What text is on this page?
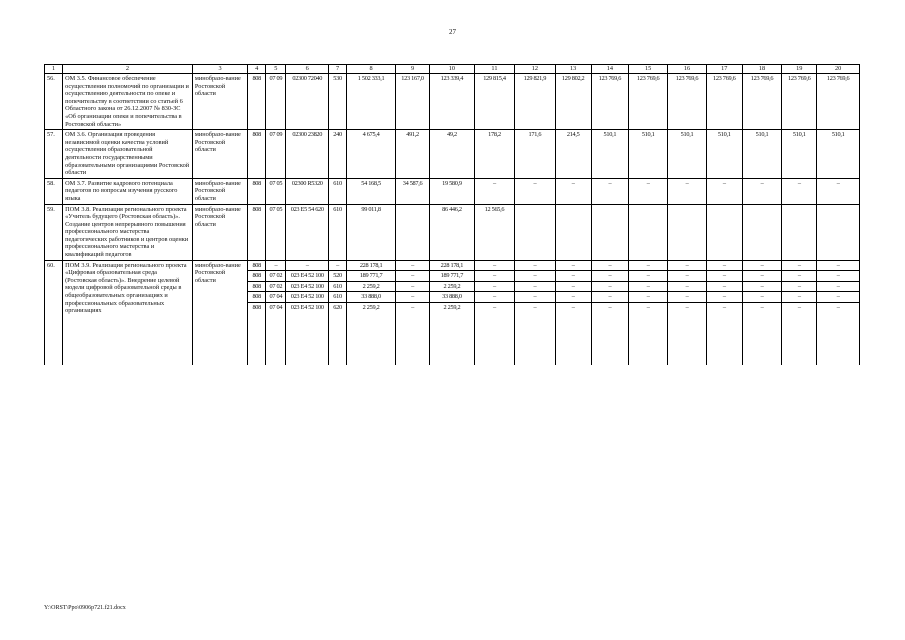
27
1	2	3	4	5	6	7	8	9	10	11	12	13	14	15	16	17	18	19	20
56.	ОМ 3.5. Финансовое обеспечение осуществления полномочий по организации и осуществлению деятельности по опеке и попечительству в соответствии со статьей 6 Областного закона от 26.12.2007 № 830-ЗС «Об организации опеки и попечительства в Ростовской области»	минобразо-вание Ростовской области	808	07 09	02300 72040	530	1 502 333,1	123 167,0	123 339,4	129 815,4	129 821,9	129 802,2	123 769,6	123 769,6	123 769,6	123 769,6	123 769,6	123 769,6	123 769,6
57.	ОМ 3.6. Организация проведения независимой оценки качества условий осуществления образовательной деятельности государственными образовательными организациями Ростовской области	минобразо-вание Ростовской области	808	07 09	02300 23820	240	4 675,4	491,2	49,2	178,2	171,6	214,5	510,1	510,1	510,1	510,1	510,1	510,1	510,1
58.	ОМ 3.7. Развитие кадрового потенциала педагогов по вопросам изучения русского языка	минобразо-вание Ростовской области	808	07 05	02300 R5320	610	54 168,5	34 587,6	19 580,9	–	–	–	–	–	–	–	–	–	–
59.	ПОМ 3.8. Реализация регионального проекта «Учитель будущего (Ростовская область)». Создание центров непрерывного повышения профессионального мастерства педагогических работников и центров оценки профессионального мастерства и квалификаций педагогов	минобразо-вание Ростовской области	808	07 05	023 Е5 54 620	610	99 011,8		86 446,2	12 565,6									
60.	ПОМ 3.9. Реализация регионального проекта «Цифровая образовательная среда (Ростовская область)». Внедрение целевой модели цифровой образовательной среды в общеобразовательных организациях и профессиональных образовательных организациях	минобразо-вание Ростовской области	808	–	–	–	228 178,1	–	228 178,1	–	–	–	–	–	–	–	–	–	–
			808	07 02	023 Е4 52 100	520	189 771,7	–	189 771,7	–	–	–	–	–	–	–	–	–	–
			808	07 02	023 Е4 52 100	610	2 259,2	–	2 259,2	–	–	–	–	–	–	–	–	–	–
			808	07 04	023 Е4 52 100	610	33 888,0	–	33 888,0	–	–	–	–	–	–	–	–	–	–
			808	07 04	023 Е4 52 100	620	2 259,2	–	2 259,2	–	–	–	–	–	–	–	–	–	–
Y:\ORST\Ppo\0906p721.f21.docx
